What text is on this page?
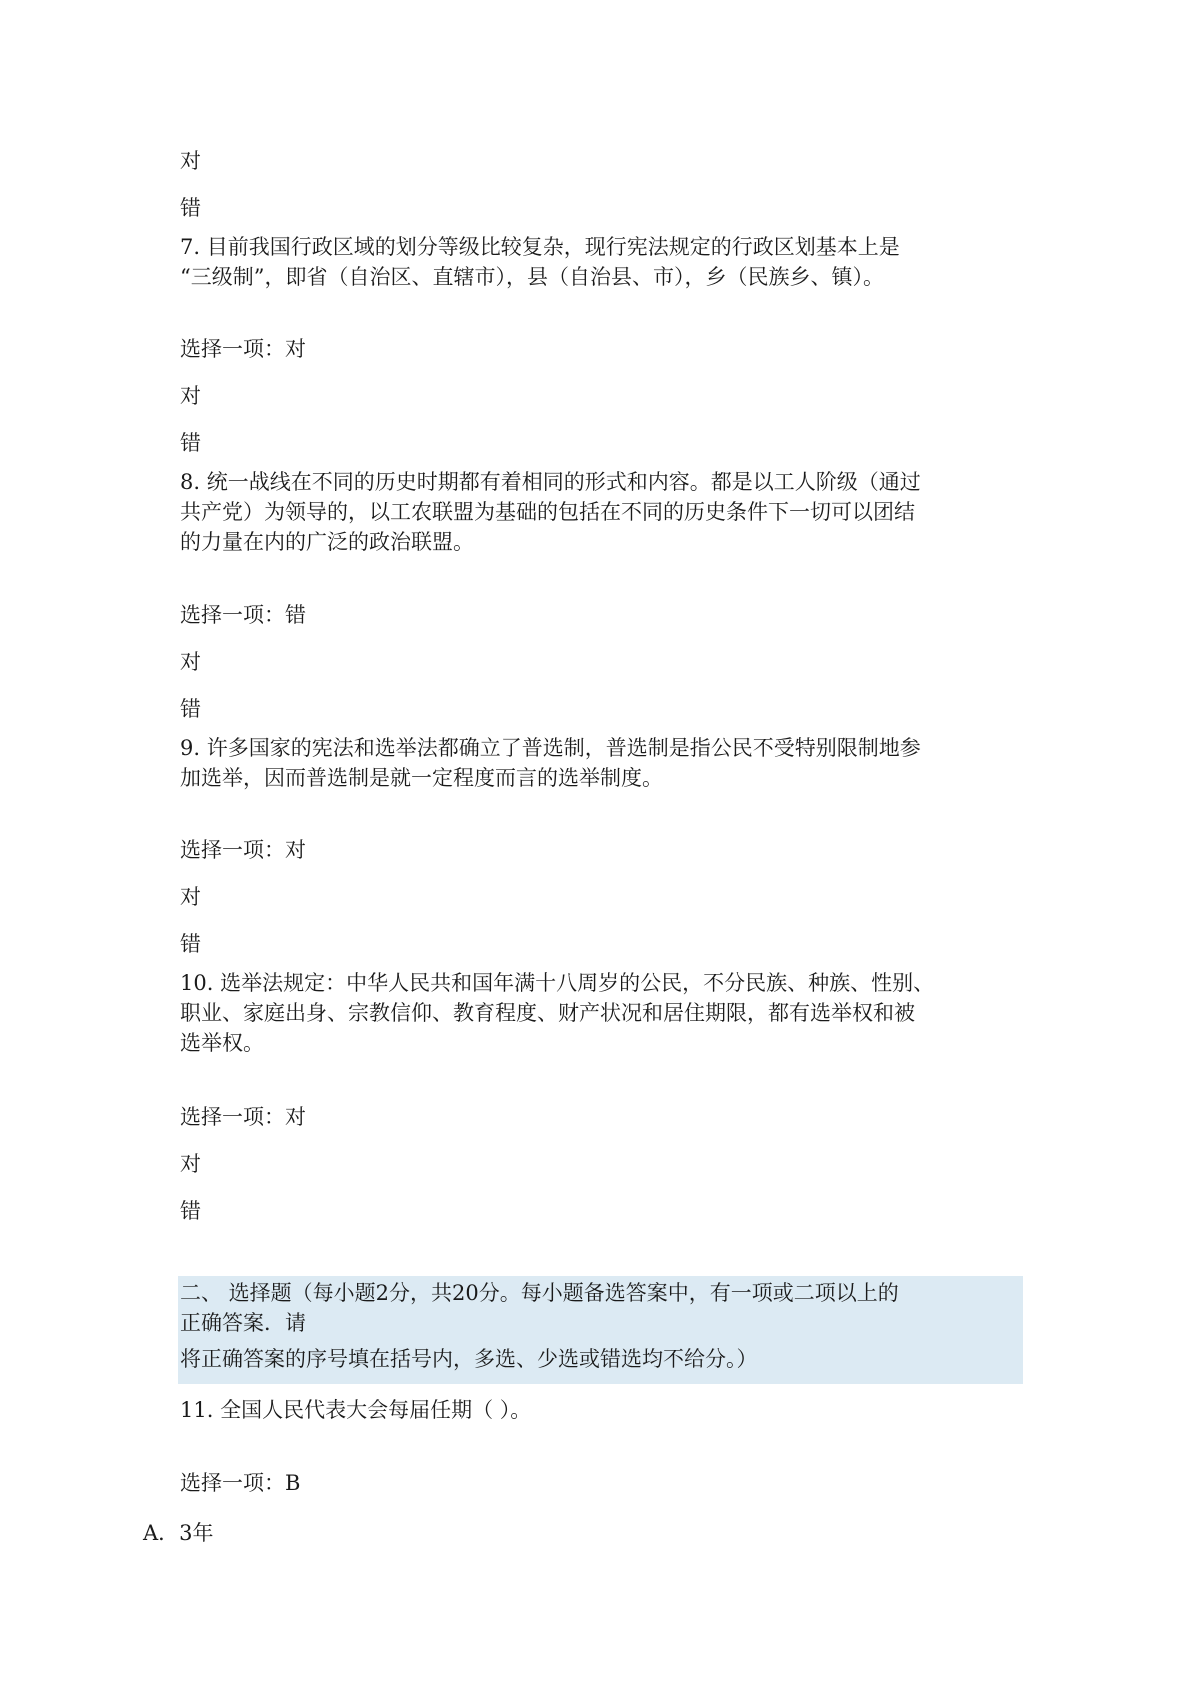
对
错
7. 目前我国行政区域的划分等级比较复杂，现行宪法规定的行政区划基本上是
“三级制”，即省（自治区、直辖市），县（自治县、市），乡（民族乡、镇）。
选择一项：对
对
错
8. 统一战线在不同的历史时期都有着相同的形式和内容。都是以工人阶级（通过
共产党）为领导的，以工农联盟为基础的包括在不同的历史条件下一切可以团结
的力量在内的广泛的政治联盟。
选择一项：错
对
错
9. 许多国家的宪法和选举法都确立了普选制，普选制是指公民不受特别限制地参
加选举，因而普选制是就一定程度而言的选举制度。
选择一项：对
对
错
10. 选举法规定：中华人民共和国年满十八周岁的公民，不分民族、种族、性别、
职业、家庭出身、宗教信仰、教育程度、财产状况和居住期限，都有选举权和被
选举权。
选择一项：对
对
错
二、 选择题（每小题2分，共20分。每小题备选答案中，有一项或二项以上的
正确答案．请
将正确答案的序号填在括号内，多选、少选或错选均不给分。）
11. 全国人民代表大会每届任期（ ）。
选择一项：B
A．3年
